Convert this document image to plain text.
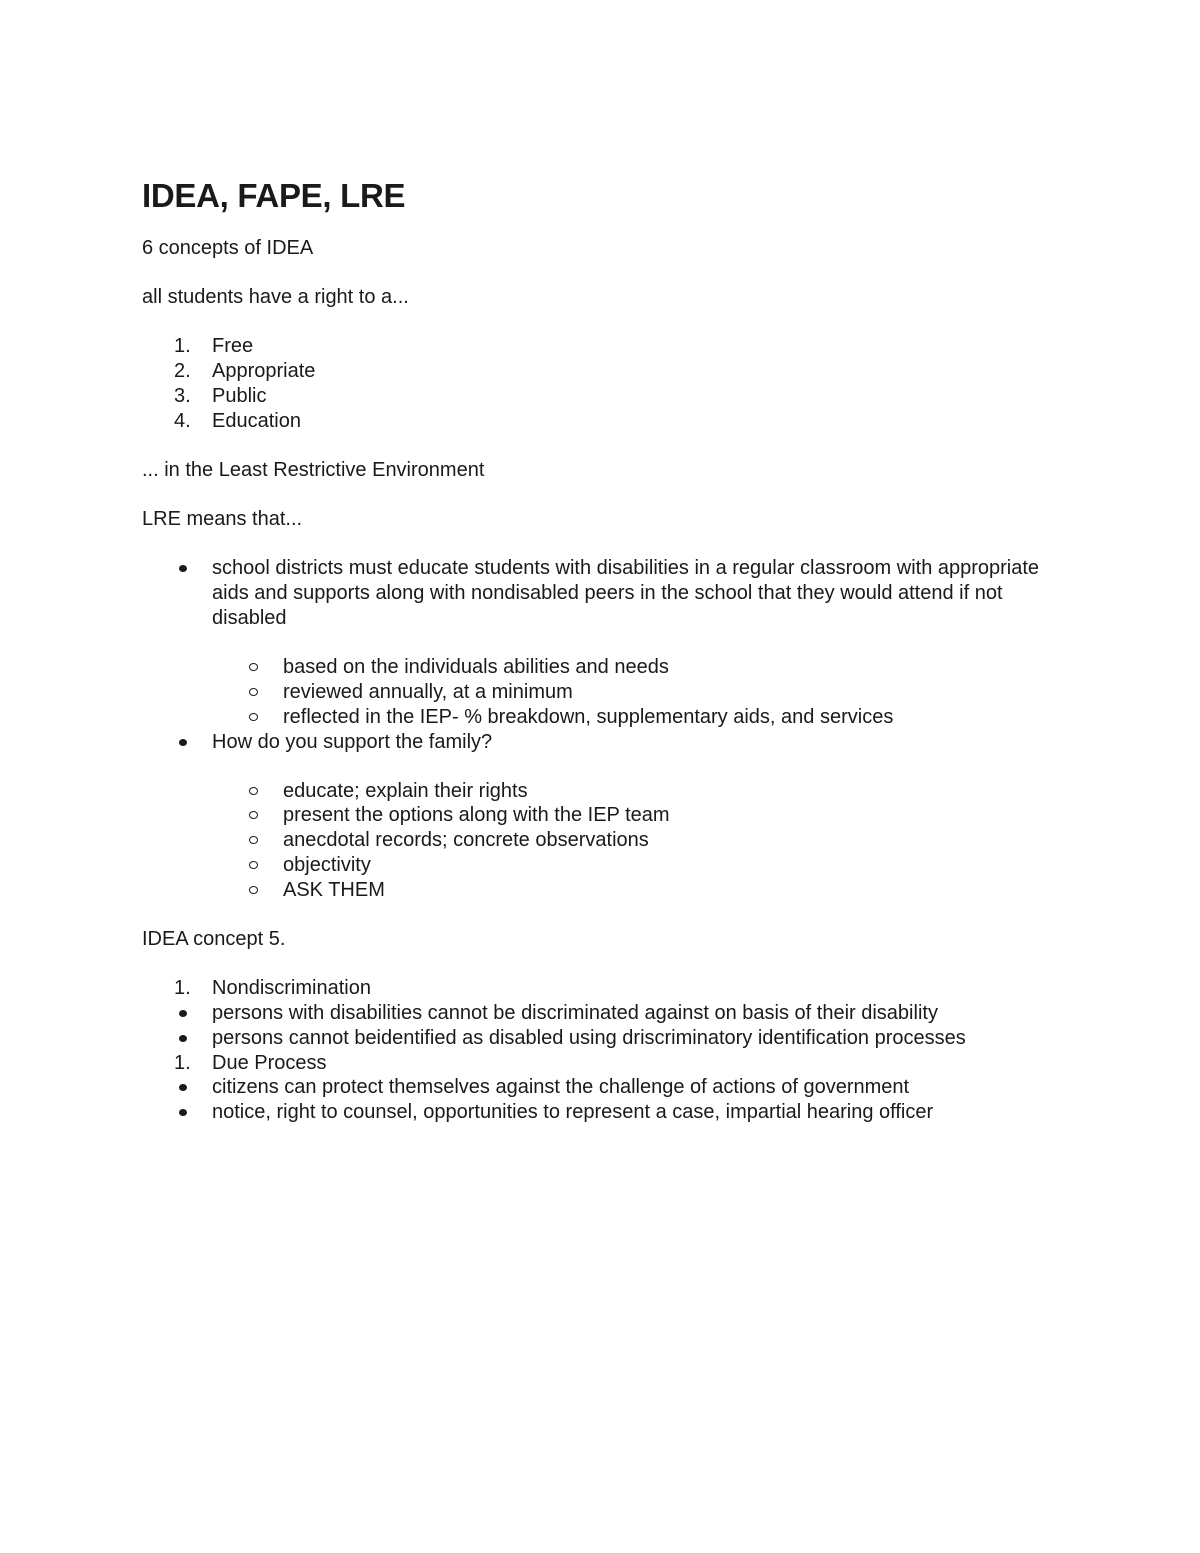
IDEA, FAPE, LRE

6 concepts of IDEA

all students have a right to a...

1.	Free
2.	Appropriate
3.	Public
4.	Education

... in the Least Restrictive Environment

LRE means that...

school districts must educate students with disabilities in a regular classroom with appropriate aids and supports along with nondisabled peers in the school that they would attend if not disabled
based on the individuals abilities and needs
reviewed annually, at a minimum
reflected in the IEP- % breakdown, supplementary aids, and services
How do you support the family?
educate; explain their rights
present the options along with the IEP team
anecdotal records; concrete observations
objectivity
ASK THEM

IDEA concept 5.

1.	Nondiscrimination
persons with disabilities cannot be discriminated against on basis of their disability
persons cannot beidentified as disabled using driscriminatory identification processes
1.	Due Process
citizens can protect themselves against the challenge of actions of government
notice, right to counsel, opportunities to represent a case, impartial hearing officer
